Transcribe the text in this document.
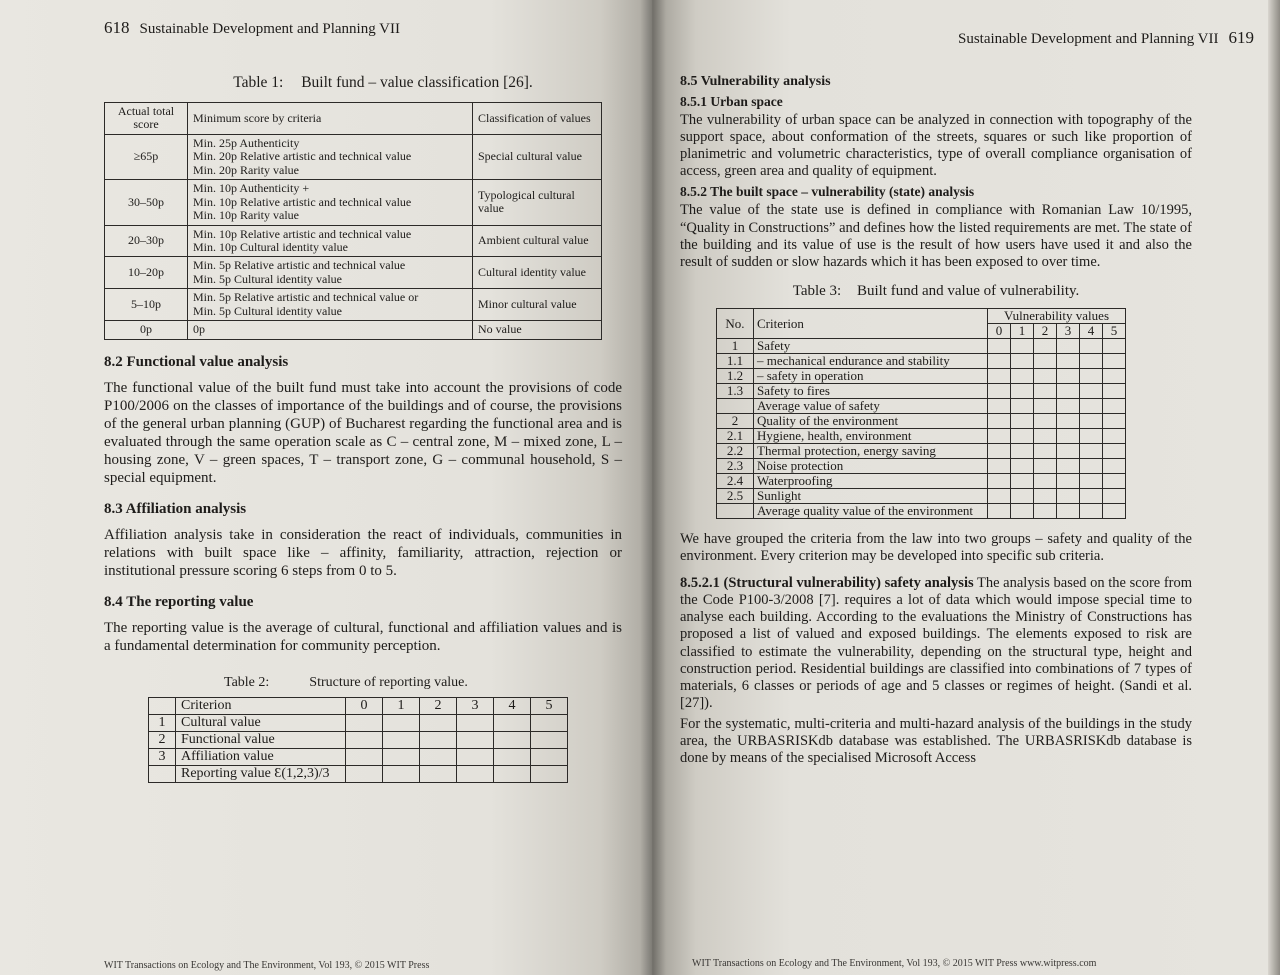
618 Sustainable Development and Planning VII
Table 1: Built fund – value classification [26].
Actual total score	Minimum score by criteria	Classification of values
≥65p	Min. 25p Authenticity
Min. 20p Relative artistic and technical value
Min. 20p Rarity value	Special cultural value
30–50p	Min. 10p Authenticity +
Min. 10p Relative artistic and technical value
Min. 10p Rarity value	Typological cultural value
20–30p	Min. 10p Relative artistic and technical value
Min. 10p Cultural identity value	Ambient cultural value
10–20p	Min. 5p Relative artistic and technical value
Min. 5p Cultural identity value	Cultural identity value
5–10p	Min. 5p Relative artistic and technical value or
Min. 5p Cultural identity value	Minor cultural value
0p	0p	No value
8.2 Functional value analysis

The functional value of the built fund must take into account the provisions of code P100/2006 on the classes of importance of the buildings and of course, the provisions of the general urban planning (GUP) of Bucharest regarding the functional area and is evaluated through the same operation scale as C – central zone, M – mixed zone, L – housing zone, V – green spaces, T – transport zone, G – communal household, S – special equipment.

8.3 Affiliation analysis

Affiliation analysis take in consideration the react of individuals, communities in relations with built space like – affinity, familiarity, attraction, rejection or institutional pressure scoring 6 steps from 0 to 5.

8.4 The reporting value

The reporting value is the average of cultural, functional and affiliation values and is a fundamental determination for community perception.

Table 2:	Structure of reporting value.
	Criterion	0	1	2	3	4	5
1	Cultural value						
2	Functional value						
3	Affiliation value						
	Reporting value Ɛ(1,2,3)/3						
WIT Transactions on Ecology and The Environment, Vol 193, © 2015 WIT Press
Sustainable Development and Planning VII 619
8.5 Vulnerability analysis
8.5.1 Urban space

The vulnerability of urban space can be analyzed in connection with topography of the support space, about conformation of the streets, squares or such like proportion of planimetric and volumetric characteristics, type of overall compliance organisation of access, green area and quality of equipment.

8.5.2 The built space – vulnerability (state) analysis

The value of the state use is defined in compliance with Romanian Law 10/1995, “Quality in Constructions” and defines how the listed requirements are met. The state of the building and its value of use is the result of how users have used it and also the result of sudden or slow hazards which it has been exposed to over time.

Table 3: Built fund and value of vulnerability.
No.	Criterion	Vulnerability values					
		0	1	2	3	4	5
1	Safety						
1.1	– mechanical endurance and stability						
1.2	– safety in operation						
1.3	Safety to fires						
	Average value of safety						
2	Quality of the environment						
2.1	Hygiene, health, environment						
2.2	Thermal protection, energy saving						
2.3	Noise protection						
2.4	Waterproofing						
2.5	Sunlight						
	Average quality value of the environment						

We have grouped the criteria from the law into two groups – safety and quality of the environment. Every criterion may be developed into specific sub criteria.

8.5.2.1 (Structural vulnerability) safety analysis The analysis based on the score from the Code P100-3/2008 [7]. requires a lot of data which would impose special time to analyse each building. According to the evaluations the Ministry of Constructions has proposed a list of valued and exposed buildings. The elements exposed to risk are classified to estimate the vulnerability, depending on the structural type, height and construction period. Residential buildings are classified into combinations of 7 types of materials, 6 classes or periods of age and 5 classes or regimes of height. (Sandi et al. [27]).

For the systematic, multi-criteria and multi-hazard analysis of the buildings in the study area, the URBASRISKdb database was established. The URBASRISKdb database is done by means of the specialised Microsoft Access

WIT Transactions on Ecology and The Environment, Vol 193, © 2015 WIT Press www.witpress.com
